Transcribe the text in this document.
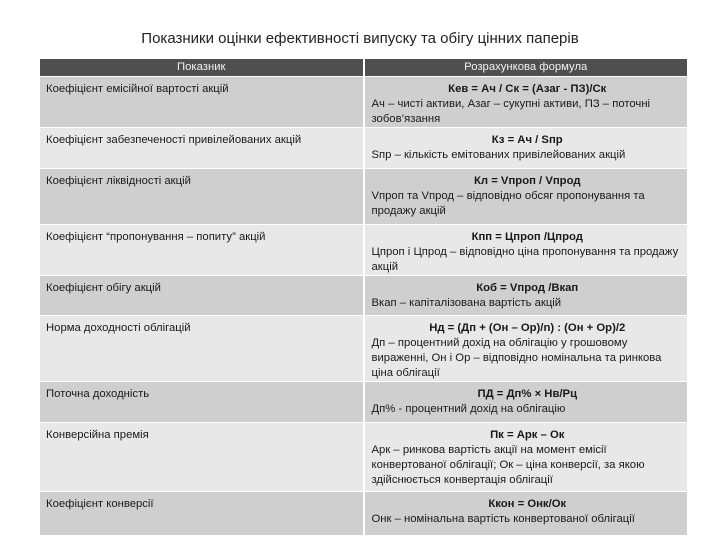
Показники оцінки ефективності випуску та обігу цінних паперів
Показник	Розрахункова формула
Коефіцієнт емісійної вартості акцій	Кев = Ач / Ск = (Азаг - ПЗ)/Ск
Ач – чисті активи, Азаг – сукупні активи, ПЗ – поточні зобов’язання

Коефіцієнт забезпеченості привілейованих акцій	Кз = Ач / Sпр
Sпр – кількість емітованих привілейованих акцій

Коефіцієнт ліквідності акцій	Кл = Vпроп / Vпрод
Vпроп та Vпрод – відповідно обсяг пропонування та продажу акцій

Коефіцієнт “пропонування – попиту” акцій	Кпп = Цпроп /Цпрод
Цпроп і Цпрод – відповідно ціна пропонування та продажу акцій

Коефіцієнт обігу акцій	Коб = Vпрод /Вкап
Вкап – капіталізована вартість акцій

Норма доходності облігацій	Нд = (Дп + (Он – Ор)/n) : (Он + Ор)/2
Дп – процентний дохід на облігацію у грошовому вираженні, Он і Ор – відповідно номінальна та ринкова ціна облігації

Поточна доходність	ПД = Дп% × Нв/Рц
Дп% - процентний дохід на облігацію

Конверсійна премія	Пк = Арк – Ок
Арк – ринкова вартість акції на момент емісії конвертованої облігації; Ок – ціна конверсії, за якою здійснюється конвертація облігації

Коефіцієнт конверсії	Ккон = Онк/Ок
Онк – номінальна вартість конвертованої облігації
